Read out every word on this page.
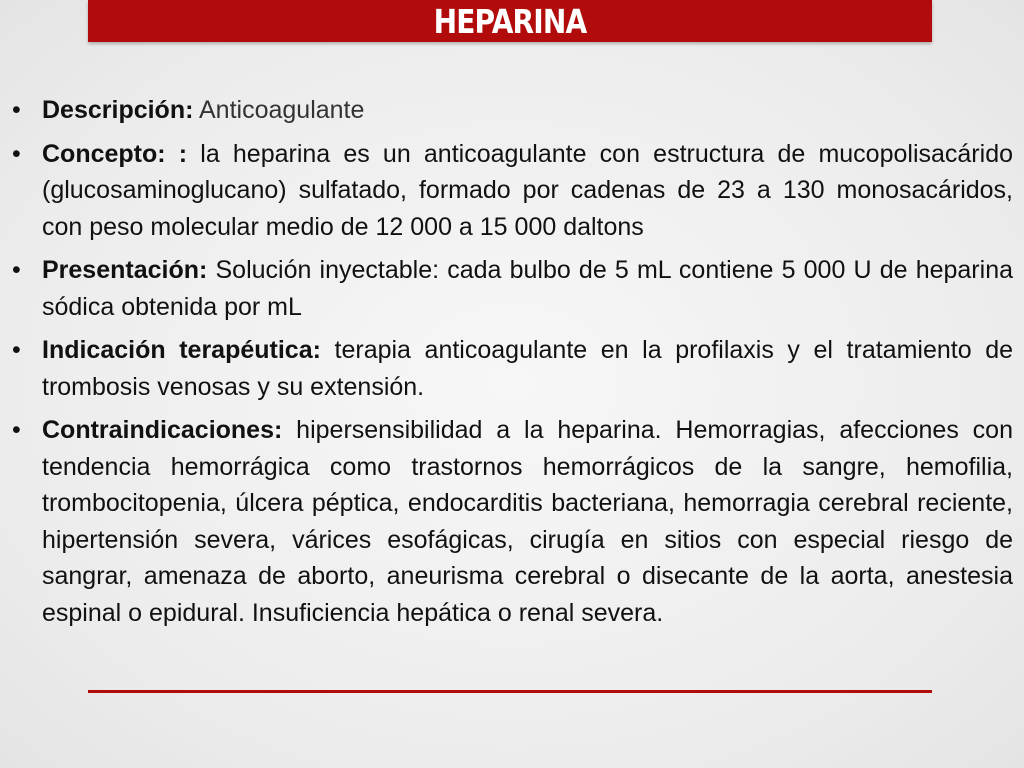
HEPARINA
• Descripción: Anticoagulante
• Concepto: : la heparina es un anticoagulante con estructura de mucopolisacárido (glucosaminoglucano) sulfatado, formado por cadenas de 23 a 130 monosacáridos, con peso molecular medio de 12 000 a 15 000 daltons
• Presentación: Solución inyectable: cada bulbo de 5 mL contiene 5 000 U de heparina sódica obtenida por mL
• Indicación terapéutica: terapia anticoagulante en la profilaxis y el tratamiento de trombosis venosas y su extensión.
• Contraindicaciones: hipersensibilidad a la heparina. Hemorragias, afecciones con tendencia hemorrágica como trastornos hemorrágicos de la sangre, hemofilia, trombocitopenia, úlcera péptica, endocarditis bacteriana, hemorragia cerebral reciente, hipertensión severa, várices esofágicas, cirugía en sitios con especial riesgo de sangrar, amenaza de aborto, aneurisma cerebral o disecante de la aorta, anestesia espinal o epidural. Insuficiencia hepática o renal severa.
